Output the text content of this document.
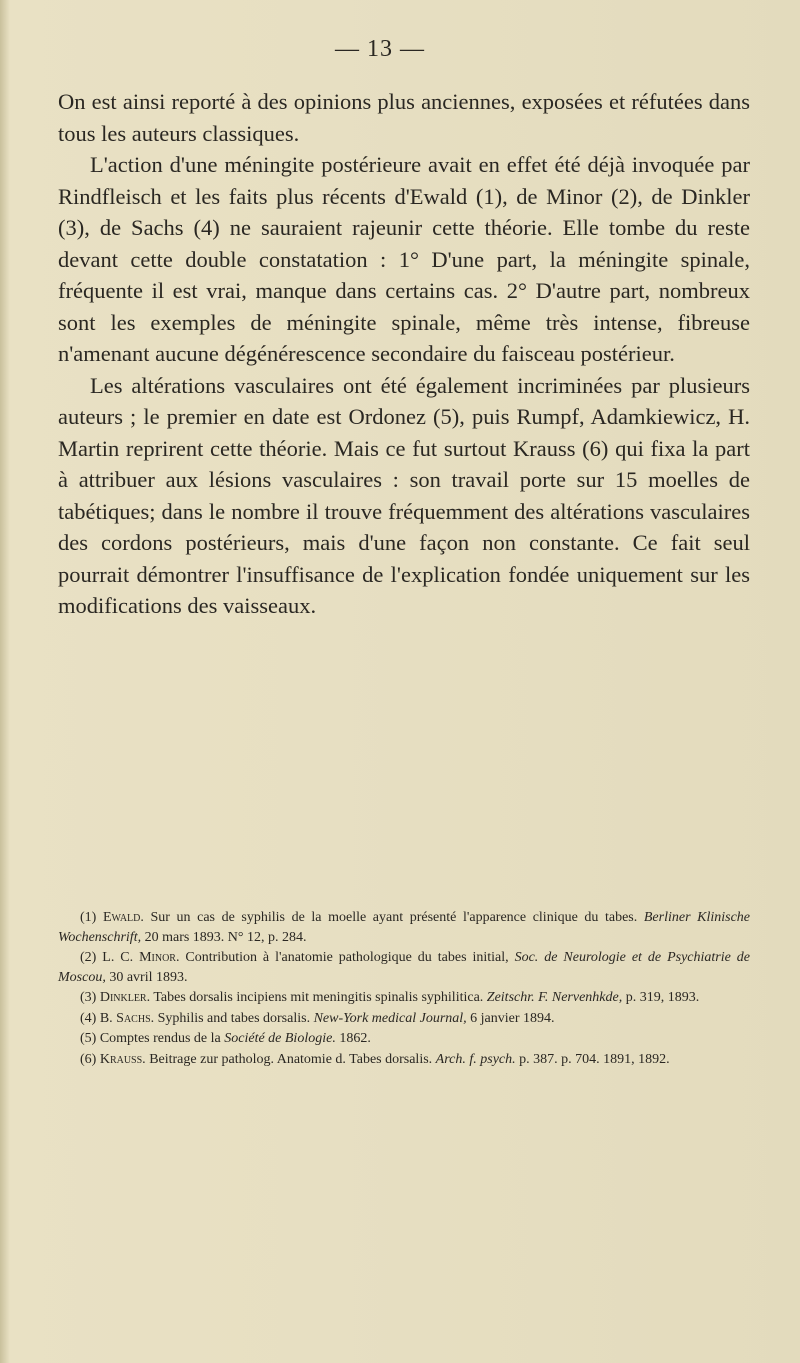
— 13 —

On est ainsi reporté à des opinions plus anciennes, exposées et réfutées dans tous les auteurs classiques.

L'action d'une méningite postérieure avait en effet été déjà invoquée par Rindfleisch et les faits plus récents d'Ewald (1), de Minor (2), de Dinkler (3), de Sachs (4) ne sauraient rajeunir cette théorie. Elle tombe du reste devant cette double constatation : 1° D'une part, la méningite spinale, fréquente il est vrai, manque dans certains cas. 2° D'autre part, nombreux sont les exemples de méningite spinale, même très intense, fibreuse n'amenant aucune dégénérescence secondaire du faisceau postérieur.

Les altérations vasculaires ont été également incriminées par plusieurs auteurs ; le premier en date est Ordonez (5), puis Rumpf, Adamkiewicz, H. Martin reprirent cette théorie. Mais ce fut surtout Krauss (6) qui fixa la part à attribuer aux lésions vasculaires : son travail porte sur 15 moelles de tabétiques; dans le nombre il trouve fréquemment des altérations vasculaires des cordons postérieurs, mais d'une façon non constante. Ce fait seul pourrait démontrer l'insuffisance de l'explication fondée uniquement sur les modifications des vaisseaux.

(1) Ewald. Sur un cas de syphilis de la moelle ayant présenté l'apparence clinique du tabes. Berliner Klinische Wochenschrift, 20 mars 1893. N° 12, p. 284.

(2) L. C. Minor. Contribution à l'anatomie pathologique du tabes initial, Soc. de Neurologie et de Psychiatrie de Moscou, 30 avril 1893.

(3) Dinkler. Tabes dorsalis incipiens mit meningitis spinalis syphilitica. Zeitschr. F. Nervenhkde, p. 319, 1893.

(4) B. Sachs. Syphilis and tabes dorsalis. New-York medical Journal, 6 janvier 1894.

(5) Comptes rendus de la Société de Biologie. 1862.

(6) Krauss. Beitrage zur patholog. Anatomie d. Tabes dorsalis. Arch. f. psych. p. 387. p. 704. 1891, 1892.
